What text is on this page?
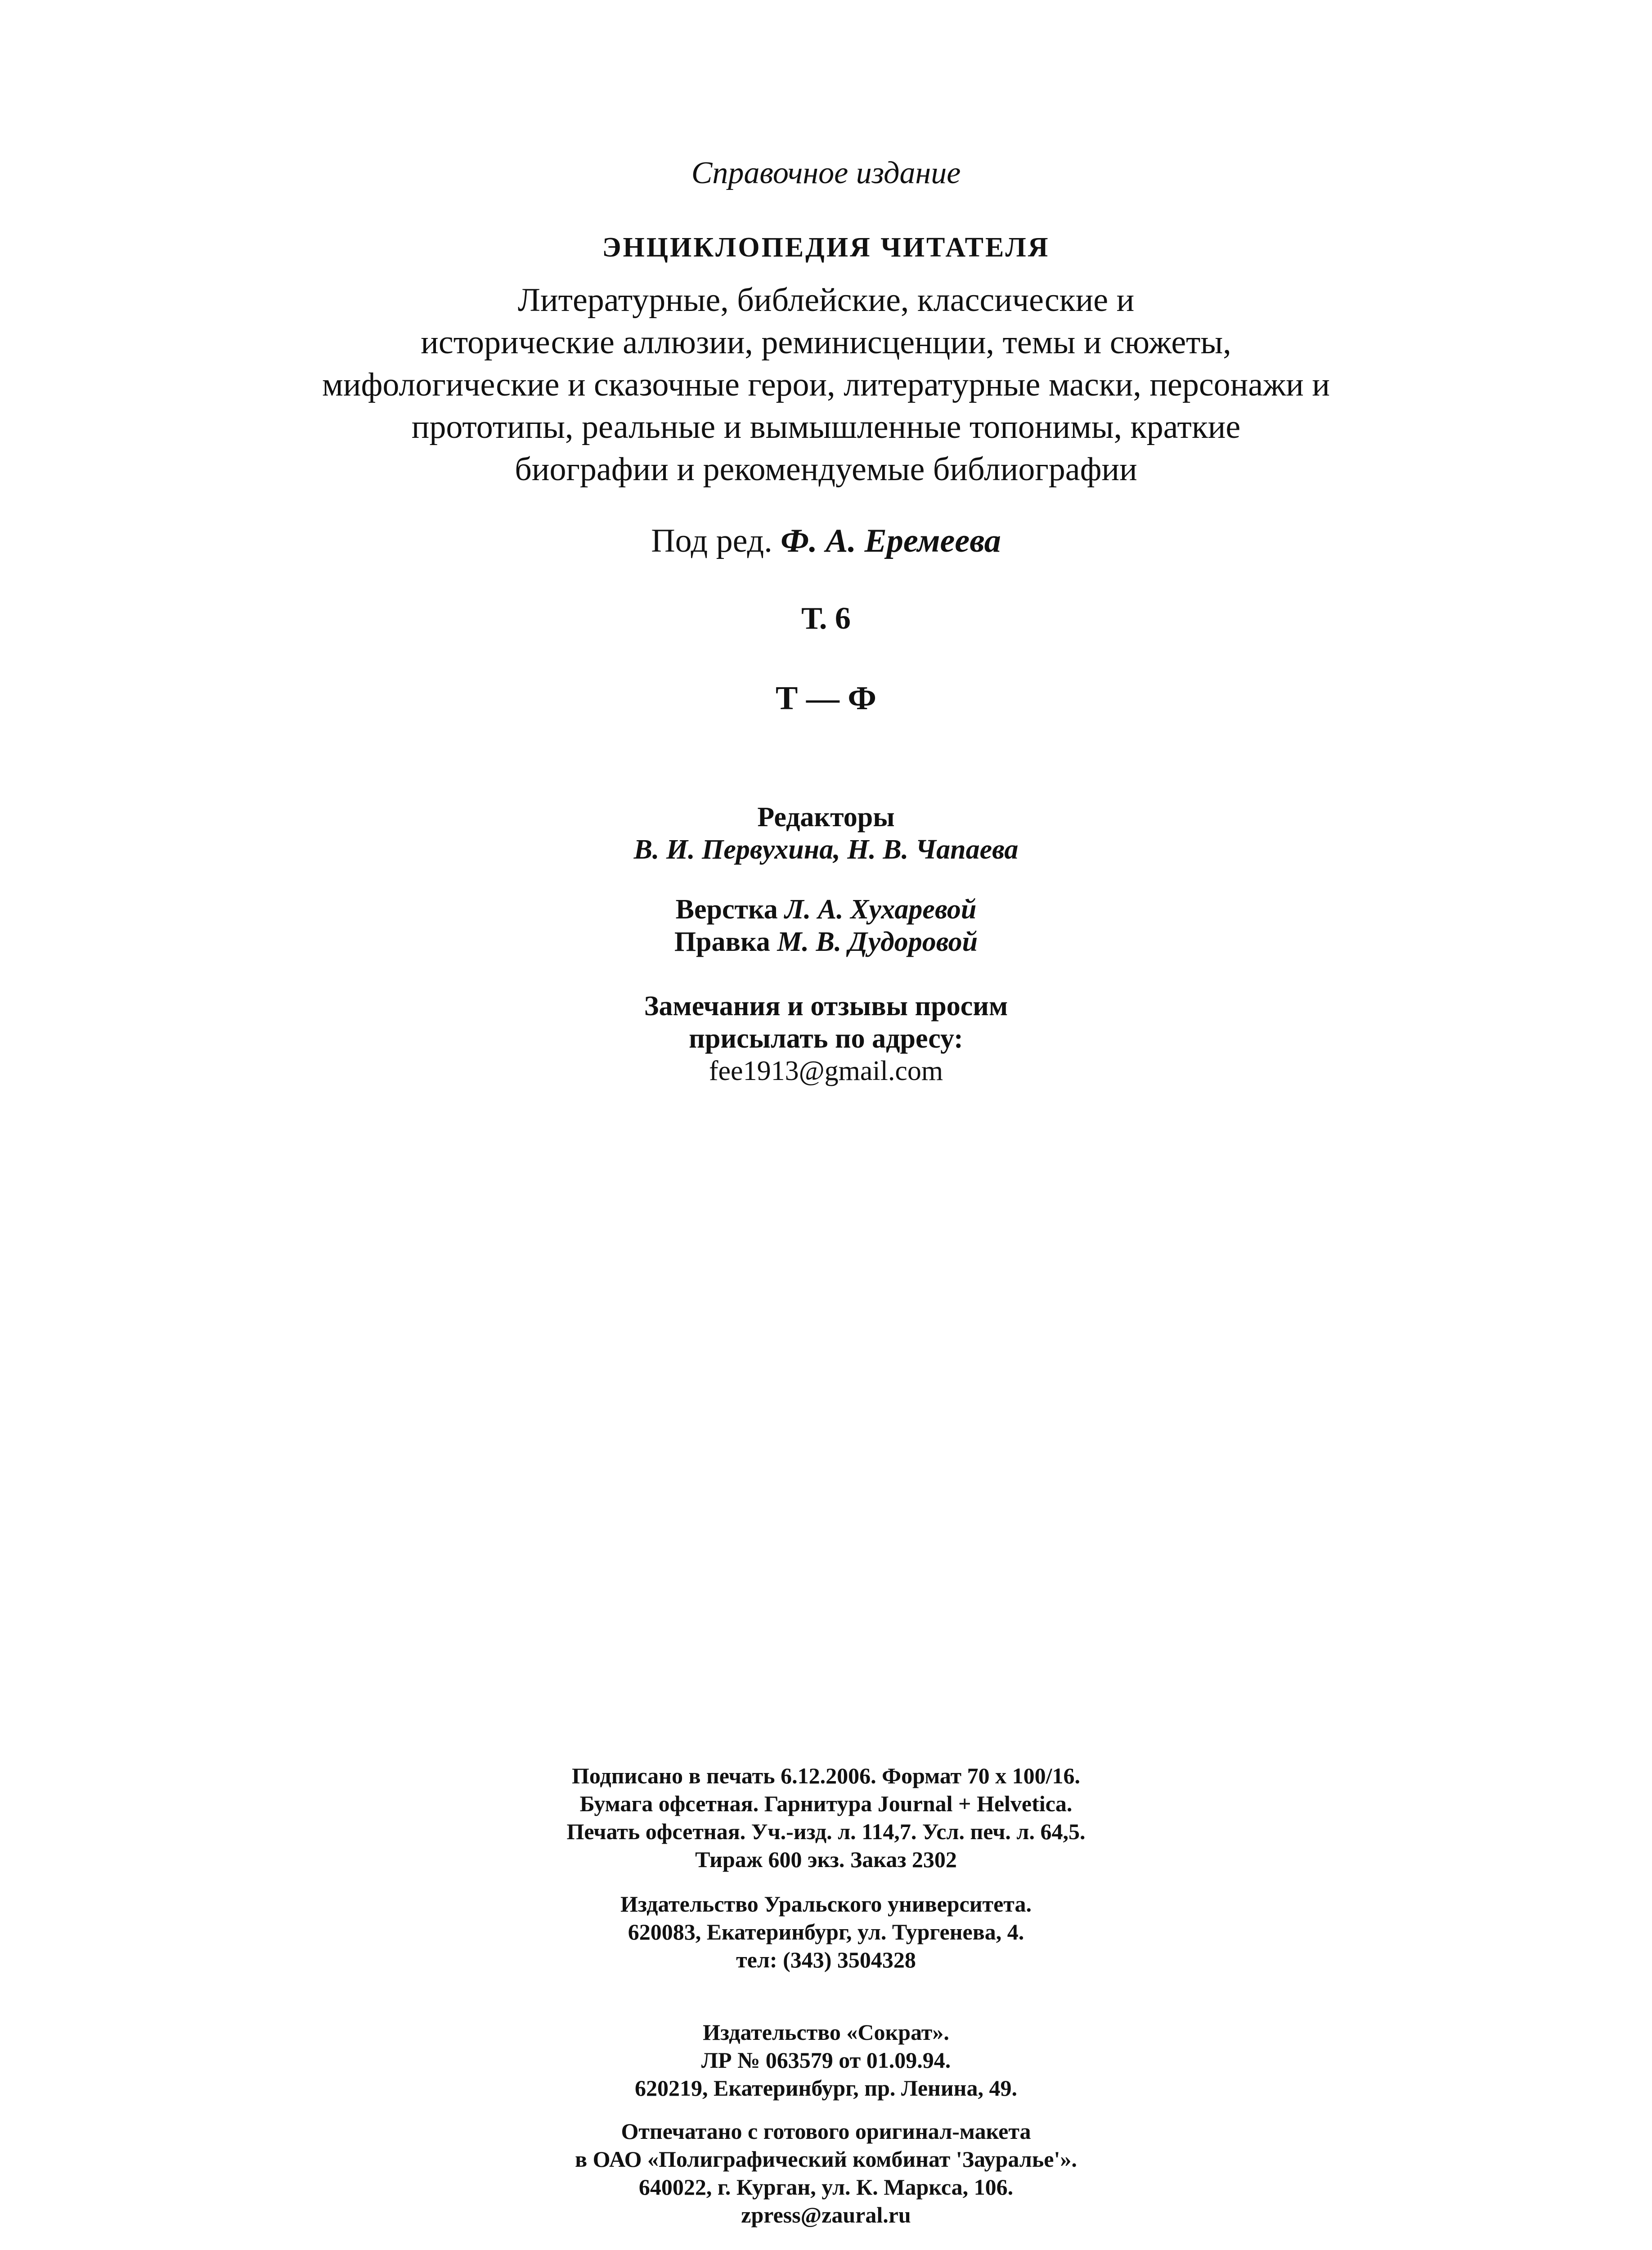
Справочное издание
ЭНЦИКЛОПЕДИЯ ЧИТАТЕЛЯ
Литературные, библейские, классические и
исторические аллюзии, реминисценции, темы и сюжеты,
мифологические и сказочные герои, литературные маски, персонажи и
прототипы, реальные и вымышленные топонимы, краткие
биографии и рекомендуемые библиографии
Под ред. Ф. А. Еремеева
Т. 6
Т — Ф
Редакторы
В. И. Первухина, Н. В. Чапаева
Верстка Л. А. Хухаревой
Правка М. В. Дудоровой
Замечания и отзывы просим
присылать по адресу:
fee1913@gmail.com
Подписано в печать 6.12.2006. Формат 70 x 100/16.
Бумага офсетная. Гарнитура Journal + Helvetica.
Печать офсетная. Уч.-изд. л. 114,7. Усл. печ. л. 64,5.
Тираж 600 экз. Заказ 2302
Издательство Уральского университета.
620083, Екатеринбург, ул. Тургенева, 4.
тел: (343) 3504328
Издательство «Сократ».
ЛР № 063579 от 01.09.94.
620219, Екатеринбург, пр. Ленина, 49.
Отпечатано с готового оригинал-макета
в ОАО «Полиграфический комбинат 'Зауралье'».
640022, г. Курган, ул. К. Маркса, 106.
zpress@zaural.ru
